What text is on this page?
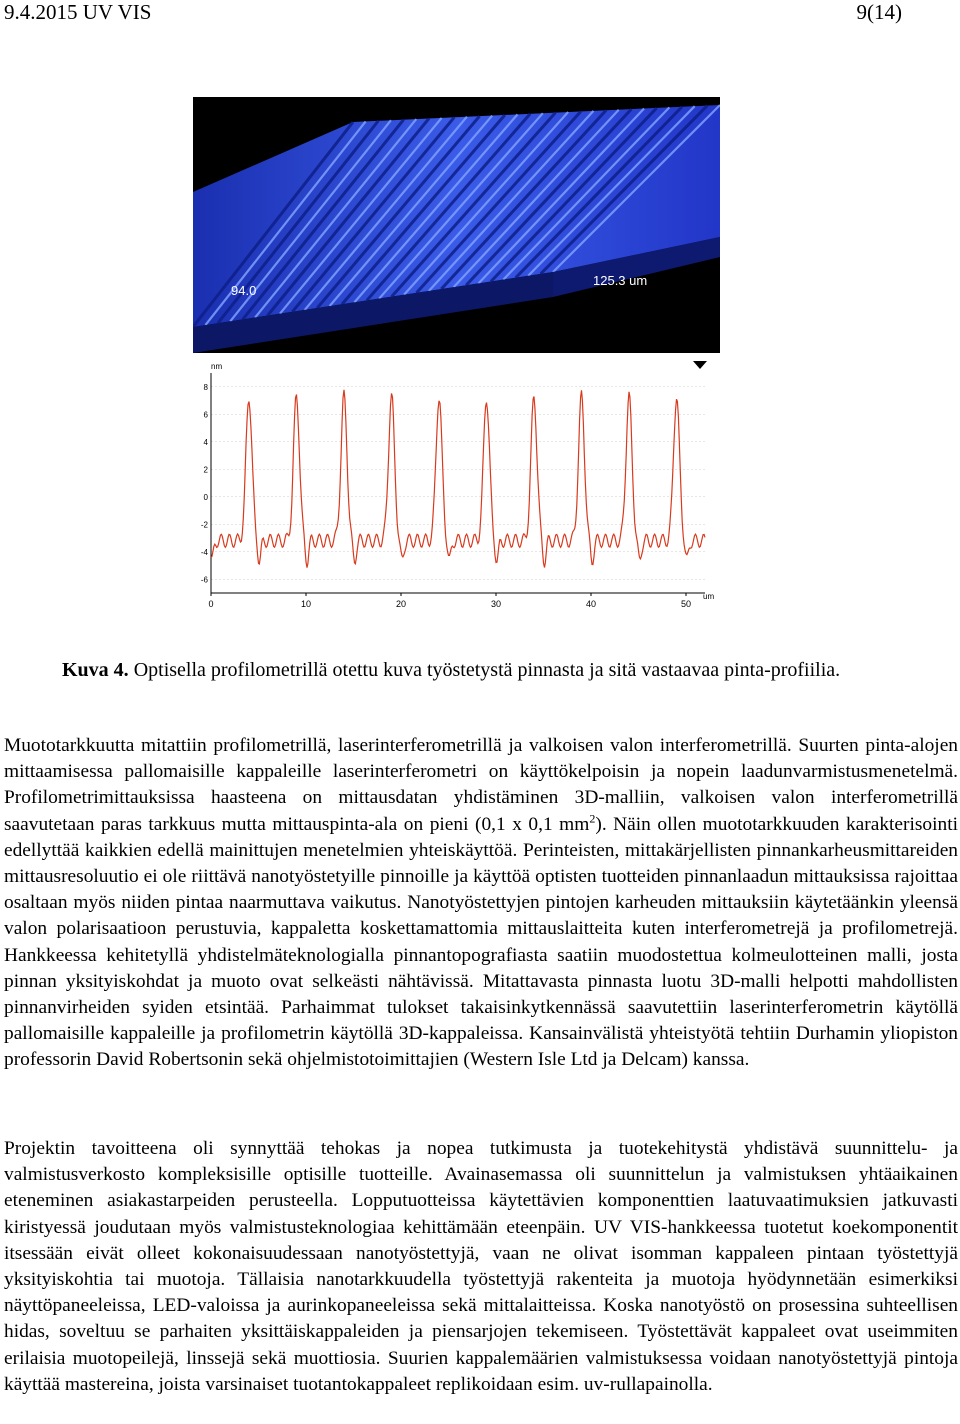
9.4.2015 UV VIS	9(14)
94.0
125.3 um
8
6
4
2
0
-2
-4
-6
0	10	20	30	40	50
nm
um
Kuva 4. Optisella profilometrillä otettu kuva työstetystä pinnasta ja sitä vastaavaa pinta-profiilia.
Muototarkkuutta mitattiin profilometrillä, laserinterferometrillä ja valkoisen valon interferometrillä. Suurten pinta-alojen mittaamisessa pallomaisille kappaleille laserinterferometri on käyttökelpoisin ja nopein laadunvarmistusmenetelmä. Profilometrimittauksissa haasteena on mittausdatan yhdistäminen 3D-malliin, valkoisen valon interferometrillä saavutetaan paras tarkkuus mutta mittauspinta-ala on pieni (0,1 x 0,1 $mm^2$). Näin ollen muototarkkuuden karakterisointi edellyttää kaikkien edellä mainittujen menetelmien yhteiskäyttöä. Perinteisten, mittakärjellisten pinnankarheusmittareiden mittausresoluutio ei ole riittävä nanotyöstetyille pinnoille ja käyttöä optisten tuotteiden pinnanlaadun mittauksissa rajoittaa osaltaan myös niiden pintaa naarmuttava vaikutus. Nanotyöstettyjen pintojen karheuden mittauksiin käytetäänkin yleensä valon polarisaatioon perustuvia, kappaletta koskettamattomia mittauslaitteita kuten interferometrejä ja profilometrejä. Hankkeessa kehitetyllä yhdistelmäteknologialla pinnantopografiasta saatiin muodostettua kolmeulotteinen malli, josta pinnan yksityiskohdat ja muoto ovat selkeästi nähtävissä. Mitattavasta pinnasta luotu 3D-malli helpotti mahdollisten pinnanvirheiden syiden etsintää. Parhaimmat tulokset takaisinkytkennässä saavutettiin laserinterferometrin käytöllä pallomaisille kappaleille ja profilometrin käytöllä 3D-kappaleissa. Kansainvälistä yhteistyötä tehtiin Durhamin yliopiston professorin David Robertsonin sekä ohjelmistotoimittajien (Western Isle Ltd ja Delcam) kanssa.
Projektin tavoitteena oli synnyttää tehokas ja nopea tutkimusta ja tuotekehitystä yhdistävä suunnittelu- ja valmistusverkosto kompleksisille optisille tuotteille. Avainasemassa oli suunnittelun ja valmistuksen yhtäaikainen eteneminen asiakastarpeiden perusteella. Lopputuotteissa käytettävien komponenttien laatuvaatimuksien jatkuvasti kiristyessä joudutaan myös valmistusteknologiaa kehittämään eteenpäin. UV VIS-hankkeessa tuotetut koekomponentit itsessään eivät olleet kokonaisuudessaan nanotyöstettyjä, vaan ne olivat isomman kappaleen pintaan työstettyjä yksityiskohtia tai muotoja. Tällaisia nanotarkkuudella työstettyjä rakenteita ja muotoja hyödynnetään esimerkiksi näyttöpaneeleissa, LED-valoissa ja aurinkopaneeleissa sekä mittalaitteissa. Koska nanotyöstö on prosessina suhteellisen hidas, soveltuu se parhaiten yksittäiskappaleiden ja piensarjojen tekemiseen. Työstettävät kappaleet ovat useimmiten erilaisia muotopeilejä, linssejä sekä muottiosia. Suurien kappalemäärien valmistuksessa voidaan nanotyöstettyjä pintoja käyttää mastereina, joista varsinaiset tuotantokappaleet replikoidaan esim. uv-rullapainolla.
